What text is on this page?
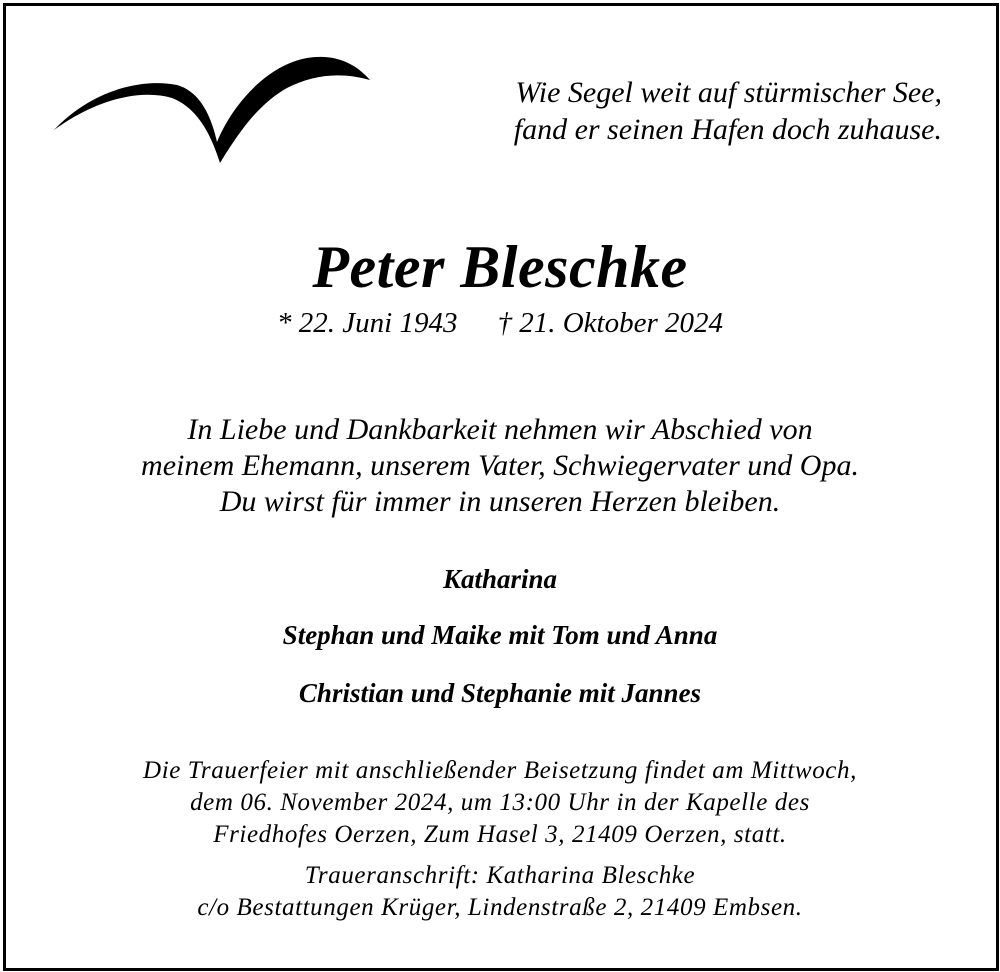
Wie Segel weit auf stürmischer See,
fand er seinen Hafen doch zuhause.
Peter Bleschke
* 22. Juni 1943 † 21. Oktober 2024
In Liebe und Dankbarkeit nehmen wir Abschied von
meinem Ehemann, unserem Vater, Schwiegervater und Opa.
Du wirst für immer in unseren Herzen bleiben.
Katharina
Stephan und Maike mit Tom und Anna
Christian und Stephanie mit Jannes
Die Trauerfeier mit anschließender Beisetzung findet am Mittwoch,
dem 06. November 2024, um 13:00 Uhr in der Kapelle des
Friedhofes Oerzen, Zum Hasel 3, 21409 Oerzen, statt.
Traueranschrift: Katharina Bleschke
c/o Bestattungen Krüger, Lindenstraße 2, 21409 Embsen.
